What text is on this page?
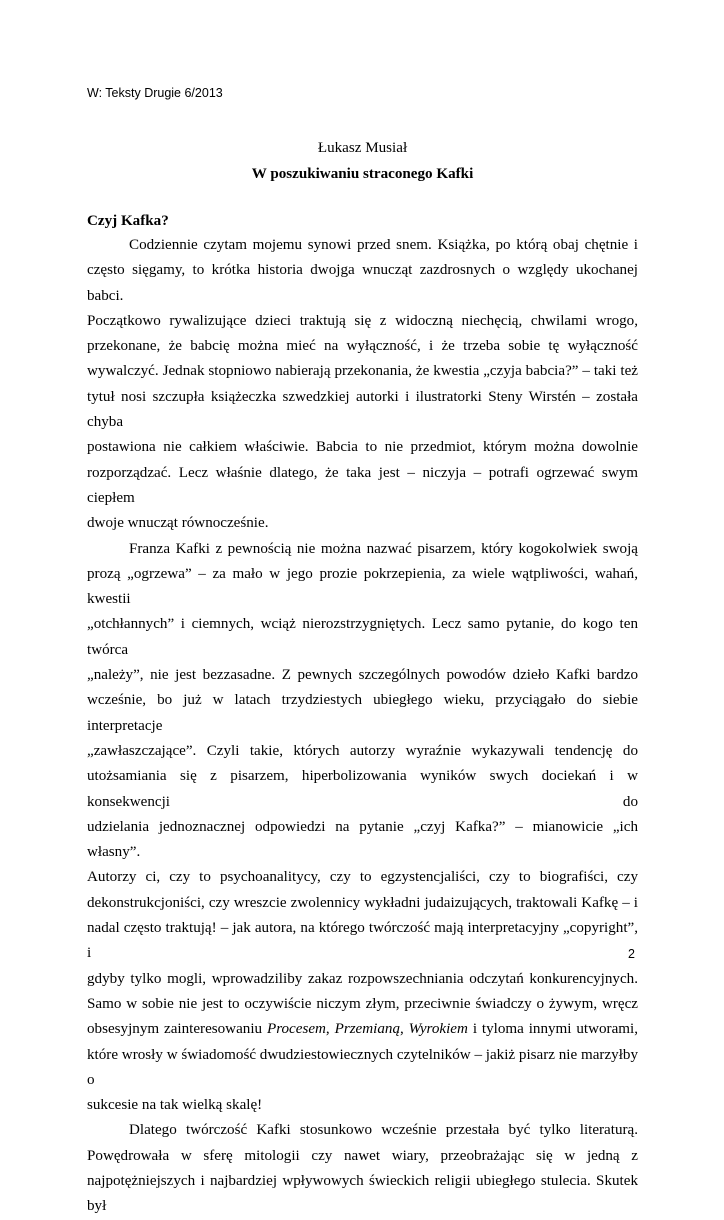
W: Teksty Drugie 6/2013

Łukasz Musiał

W poszukiwaniu straconego Kafki

Czyj Kafka?

Codziennie czytam mojemu synowi przed snem. Książka, po którą obaj chętnie i
często sięgamy, to krótka historia dwojga wnucząt zazdrosnych o względy ukochanej babci.
Początkowo rywalizujące dzieci traktują się z widoczną niechęcią, chwilami wrogo,
przekonane, że babcię można mieć na wyłączność, i że trzeba sobie tę wyłączność
wywalczyć. Jednak stopniowo nabierają przekonania, że kwestia „czyja babcia?” – taki też
tytuł nosi szczupła książeczka szwedzkiej autorki i ilustratorki Steny Wirstén – została chyba
postawiona nie całkiem właściwie. Babcia to nie przedmiot, którym można dowolnie
rozporządzać. Lecz właśnie dlatego, że taka jest – niczyja – potrafi ogrzewać swym ciepłem
dwoje wnucząt równocześnie.
Franza Kafki z pewnością nie można nazwać pisarzem, który kogokolwiek swoją
prozą „ogrzewa” – za mało w jego prozie pokrzepienia, za wiele wątpliwości, wahań, kwestii
„otchłannych” i ciemnych, wciąż nierozstrzygniętych. Lecz samo pytanie, do kogo ten twórca
„należy”, nie jest bezzasadne. Z pewnych szczególnych powodów dzieło Kafki bardzo
wcześnie, bo już w latach trzydziestych ubiegłego wieku, przyciągało do siebie interpretacje
„zawłaszczające”. Czyli takie, których autorzy wyraźnie wykazywali tendencję do
utożsamiania się z pisarzem, hiperbolizowania wyników swych dociekań i w konsekwencji do
udzielania jednoznacznej odpowiedzi na pytanie „czyj Kafka?” – mianowicie „ich własny”.
Autorzy ci, czy to psychoanalitycy, czy to egzystencjaliści, czy to biografiści, czy
dekonstrukcjoniści, czy wreszcie zwolennicy wykładni judaizujących, traktowali Kafkę – i
nadal często traktują! – jak autora, na którego twórczość mają interpretacyjny „copyright”, i
gdyby tylko mogli, wprowadziliby zakaz rozpowszechniania odczytań konkurencyjnych.
Samo w sobie nie jest to oczywiście niczym złym, przeciwnie świadczy o żywym, wręcz
obsesyjnym zainteresowaniu Procesem, Przemianą, Wyrokiem i tyloma innymi utworami,
które wrosły w świadomość dwudziestowiecznych czytelników – jakiż pisarz nie marzyłby o
sukcesie na tak wielką skalę!
Dlatego twórczość Kafki stosunkowo wcześnie przestała być tylko literaturą.
Powędrowała w sferę mitologii czy nawet wiary, przeobrażając się w jedną z
najpotężniejszych i najbardziej wpływowych świeckich religii ubiegłego stulecia. Skutek był
2
